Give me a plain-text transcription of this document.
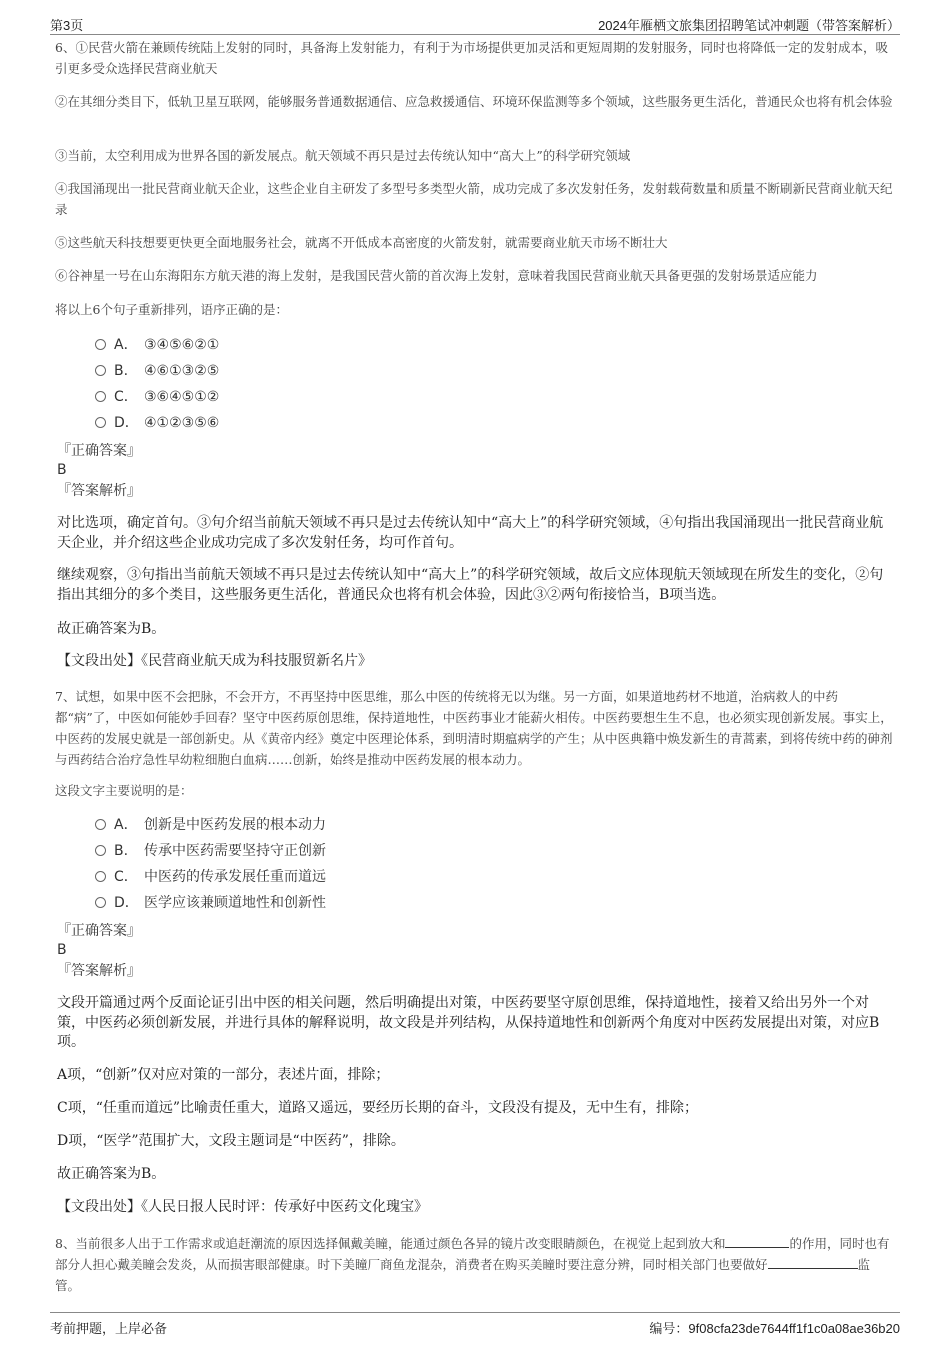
第3页	2024年雁栖文旅集团招聘笔试冲刺题（带答案解析）

6、①民营火箭在兼顾传统陆上发射的同时，具备海上发射能力，有利于为市场提供更加灵活和更短周期的发射服务，同时也将降低一定的发射成本，吸引更多受众选择民营商业航天

②在其细分类目下，低轨卫星互联网，能够服务普通数据通信、应急救援通信、环境环保监测等多个领域，这些服务更生活化，普通民众也将有机会体验

③当前，太空利用成为世界各国的新发展点。航天领域不再只是过去传统认知中“高大上”的科学研究领域

④我国涌现出一批民营商业航天企业，这些企业自主研发了多型号多类型火箭，成功完成了多次发射任务，发射载荷数量和质量不断刷新民营商业航天纪录

⑤这些航天科技想要更快更全面地服务社会，就离不开低成本高密度的火箭发射，就需要商业航天市场不断壮大

⑥谷神星一号在山东海阳东方航天港的海上发射，是我国民营火箭的首次海上发射，意味着我国民营商业航天具备更强的发射场景适应能力

将以上6个句子重新排列，语序正确的是：

A． ③④⑤⑥②①
B. ④⑥①③②⑤
C． ③⑥④⑤①②
D． ④①②③⑤⑥
『正确答案』
B
『答案解析』

对比选项，确定首句。③句介绍当前航天领域不再只是过去传统认知中“高大上”的科学研究领域，④句指出我国涌现出一批民营商业航天企业，并介绍这些企业成功完成了多次发射任务，均可作首句。

继续观察，③句指出当前航天领域不再只是过去传统认知中“高大上”的科学研究领域，故后文应体现航天领域现在所发生的变化，②句指出其细分的多个类目，这些服务更生活化，普通民众也将有机会体验，因此③②两句衔接恰当，B项当选。

故正确答案为B。

【文段出处】《民营商业航天成为科技服贸新名片》

7、试想，如果中医不会把脉，不会开方，不再坚持中医思维，那么中医的传统将无以为继。另一方面，如果道地药材不地道，治病救人的中药都“病”了，中医如何能妙手回春？坚守中医药原创思维，保持道地性，中医药事业才能薪火相传。中医药要想生生不息，也必须实现创新发展。事实上，中医药的发展史就是一部创新史。从《黄帝内经》奠定中医理论体系，到明清时期瘟病学的产生；从中医典籍中焕发新生的青蒿素，到将传统中药的砷剂与西药结合治疗急性早幼粒细胞白血病……创新，始终是推动中医药发展的根本动力。

这段文字主要说明的是：

A． 创新是中医药发展的根本动力
B. 传承中医药需要坚持守正创新
C． 中医药的传承发展任重而道远
D． 医学应该兼顾道地性和创新性
『正确答案』
B
『答案解析』

文段开篇通过两个反面论证引出中医的相关问题，然后明确提出对策，中医药要坚守原创思维，保持道地性，接着又给出另外一个对策，中医药必须创新发展，并进行具体的解释说明，故文段是并列结构，从保持道地性和创新两个角度对中医药发展提出对策，对应B项。

A项，“创新”仅对应对策的一部分，表述片面，排除；

C项，“任重而道远”比喻责任重大，道路又遥远，要经历长期的奋斗，文段没有提及，无中生有，排除；

D项，“医学”范围扩大，文段主题词是“中医药”，排除。

故正确答案为B。

【文段出处】《人民日报人民时评：传承好中医药文化瑰宝》

8、当前很多人出于工作需求或追赶潮流的原因选择佩戴美瞳，能通过颜色各异的镜片改变眼睛颜色，在视觉上起到放大和	的作用，同时也有部分人担心戴美瞳会发炎，从而损害眼部健康。时下美瞳厂商鱼龙混杂，消费者在购买美瞳时要注意分辨，同时相关部门也要做好	监管。

考前押题，上岸必备	编号：9f08cfa23de7644ff1f1c0a08ae36b20
